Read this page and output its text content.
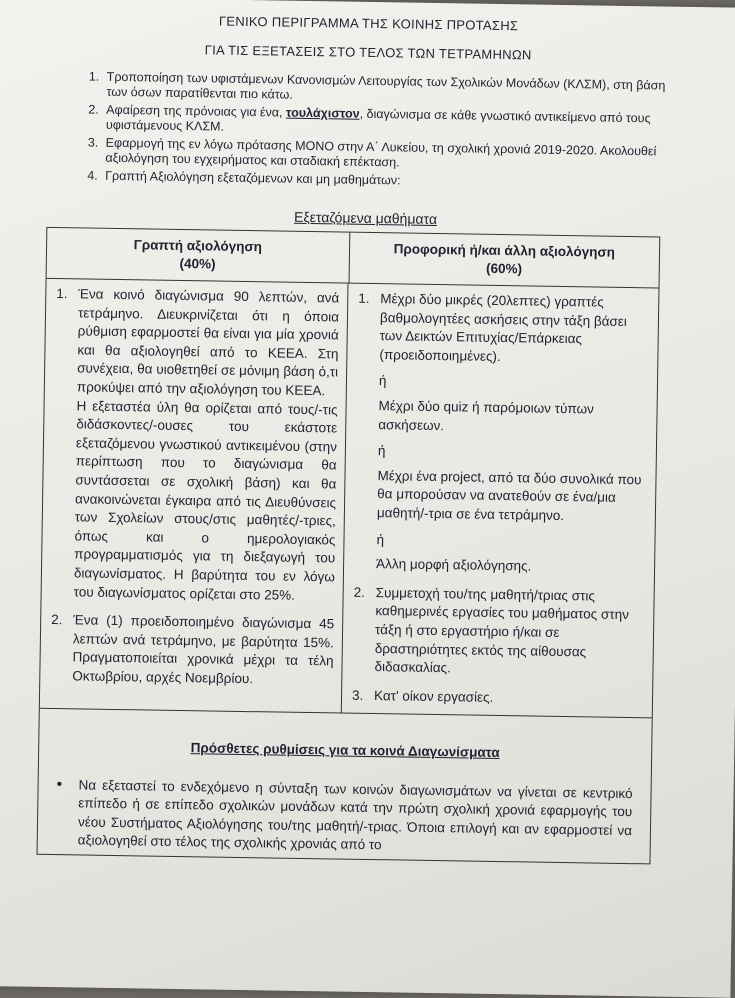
ΓΕΝΙΚΟ ΠΕΡΙΓΡΑΜΜΑ ΤΗΣ ΚΟΙΝΗΣ ΠΡΟΤΑΣΗΣ
ΓΙΑ ΤΙΣ ΕΞΕΤΑΣΕΙΣ ΣΤΟ ΤΕΛΟΣ ΤΩΝ ΤΕΤΡΑΜΗΝΩΝ
1. Τροποποίηση των υφιστάμενων Κανονισμών Λειτουργίας των Σχολικών Μονάδων (ΚΛΣΜ), στη βάση των όσων παρατίθενται πιο κάτω.
2. Αφαίρεση της πρόνοιας για ένα, τουλάχιστον, διαγώνισμα σε κάθε γνωστικό αντικείμενο από τους υφιστάμενους ΚΛΣΜ.
3. Εφαρμογή της εν λόγω πρότασης ΜΟΝΟ στην Α΄ Λυκείου, τη σχολική χρονιά 2019-2020. Ακολουθεί αξιολόγηση του εγχειρήματος και σταδιακή επέκταση.
4. Γραπτή Αξιολόγηση εξεταζόμενων και μη μαθημάτων:
Εξεταζόμενα μαθήματα
Γραπτή αξιολόγηση
(40%)
Προφορική ή/και άλλη αξιολόγηση
(60%)
1. Ένα κοινό διαγώνισμα 90 λεπτών, ανά τετράμηνο. Διευκρινίζεται ότι η όποια ρύθμιση εφαρμοστεί θα είναι για μία χρονιά και θα αξιολογηθεί από το ΚΕΕΑ. Στη συνέχεια, θα υιοθετηθεί σε μόνιμη βάση ό,τι προκύψει από την αξιολόγηση του ΚΕΕΑ.
Η εξεταστέα ύλη θα ορίζεται από τους/-τις διδάσκοντες/-ουσες του εκάστοτε εξεταζόμενου γνωστικού αντικειμένου (στην περίπτωση που το διαγώνισμα θα συντάσσεται σε σχολική βάση) και θα ανακοινώνεται έγκαιρα από τις Διευθύνσεις των Σχολείων στους/στις μαθητές/-τριες, όπως και ο ημερολογιακός προγραμματισμός για τη διεξαγωγή του διαγωνίσματος. Η βαρύτητα του εν λόγω του διαγωνίσματος ορίζεται στο 25%.
2. Ένα (1) προειδοποιημένο διαγώνισμα 45 λεπτών ανά τετράμηνο, με βαρύτητα 15%. Πραγματοποιείται χρονικά μέχρι τα τέλη Οκτωβρίου, αρχές Νοεμβρίου.
1. Μέχρι δύο μικρές (20λεπτες) γραπτές βαθμολογητέες ασκήσεις στην τάξη βάσει των Δεικτών Επιτυχίας/Επάρκειας (προειδοποιημένες).
ή
Μέχρι δύο quiz ή παρόμοιων τύπων ασκήσεων.
ή
Μέχρι ένα project, από τα δύο συνολικά που θα μπορούσαν να ανατεθούν σε ένα/μια μαθητή/-τρια σε ένα τετράμηνο.
ή
Άλλη μορφή αξιολόγησης.
2. Συμμετοχή του/της μαθητή/τριας στις καθημερινές εργασίες του μαθήματος στην τάξη ή στο εργαστήριο ή/και σε δραστηριότητες εκτός της αίθουσας διδασκαλίας.
3. Κατ' οίκον εργασίες.
Πρόσθετες ρυθμίσεις για τα κοινά Διαγωνίσματα
•	Να εξεταστεί το ενδεχόμενο η σύνταξη των κοινών διαγωνισμάτων να γίνεται σε κεντρικό επίπεδο ή σε επίπεδο σχολικών μονάδων κατά την πρώτη σχολική χρονιά εφαρμογής του νέου Συστήματος Αξιολόγησης του/της μαθητή/-τριας. Όποια επιλογή και αν εφαρμοστεί να αξιολογηθεί στο τέλος της σχολικής χρονιάς από το
